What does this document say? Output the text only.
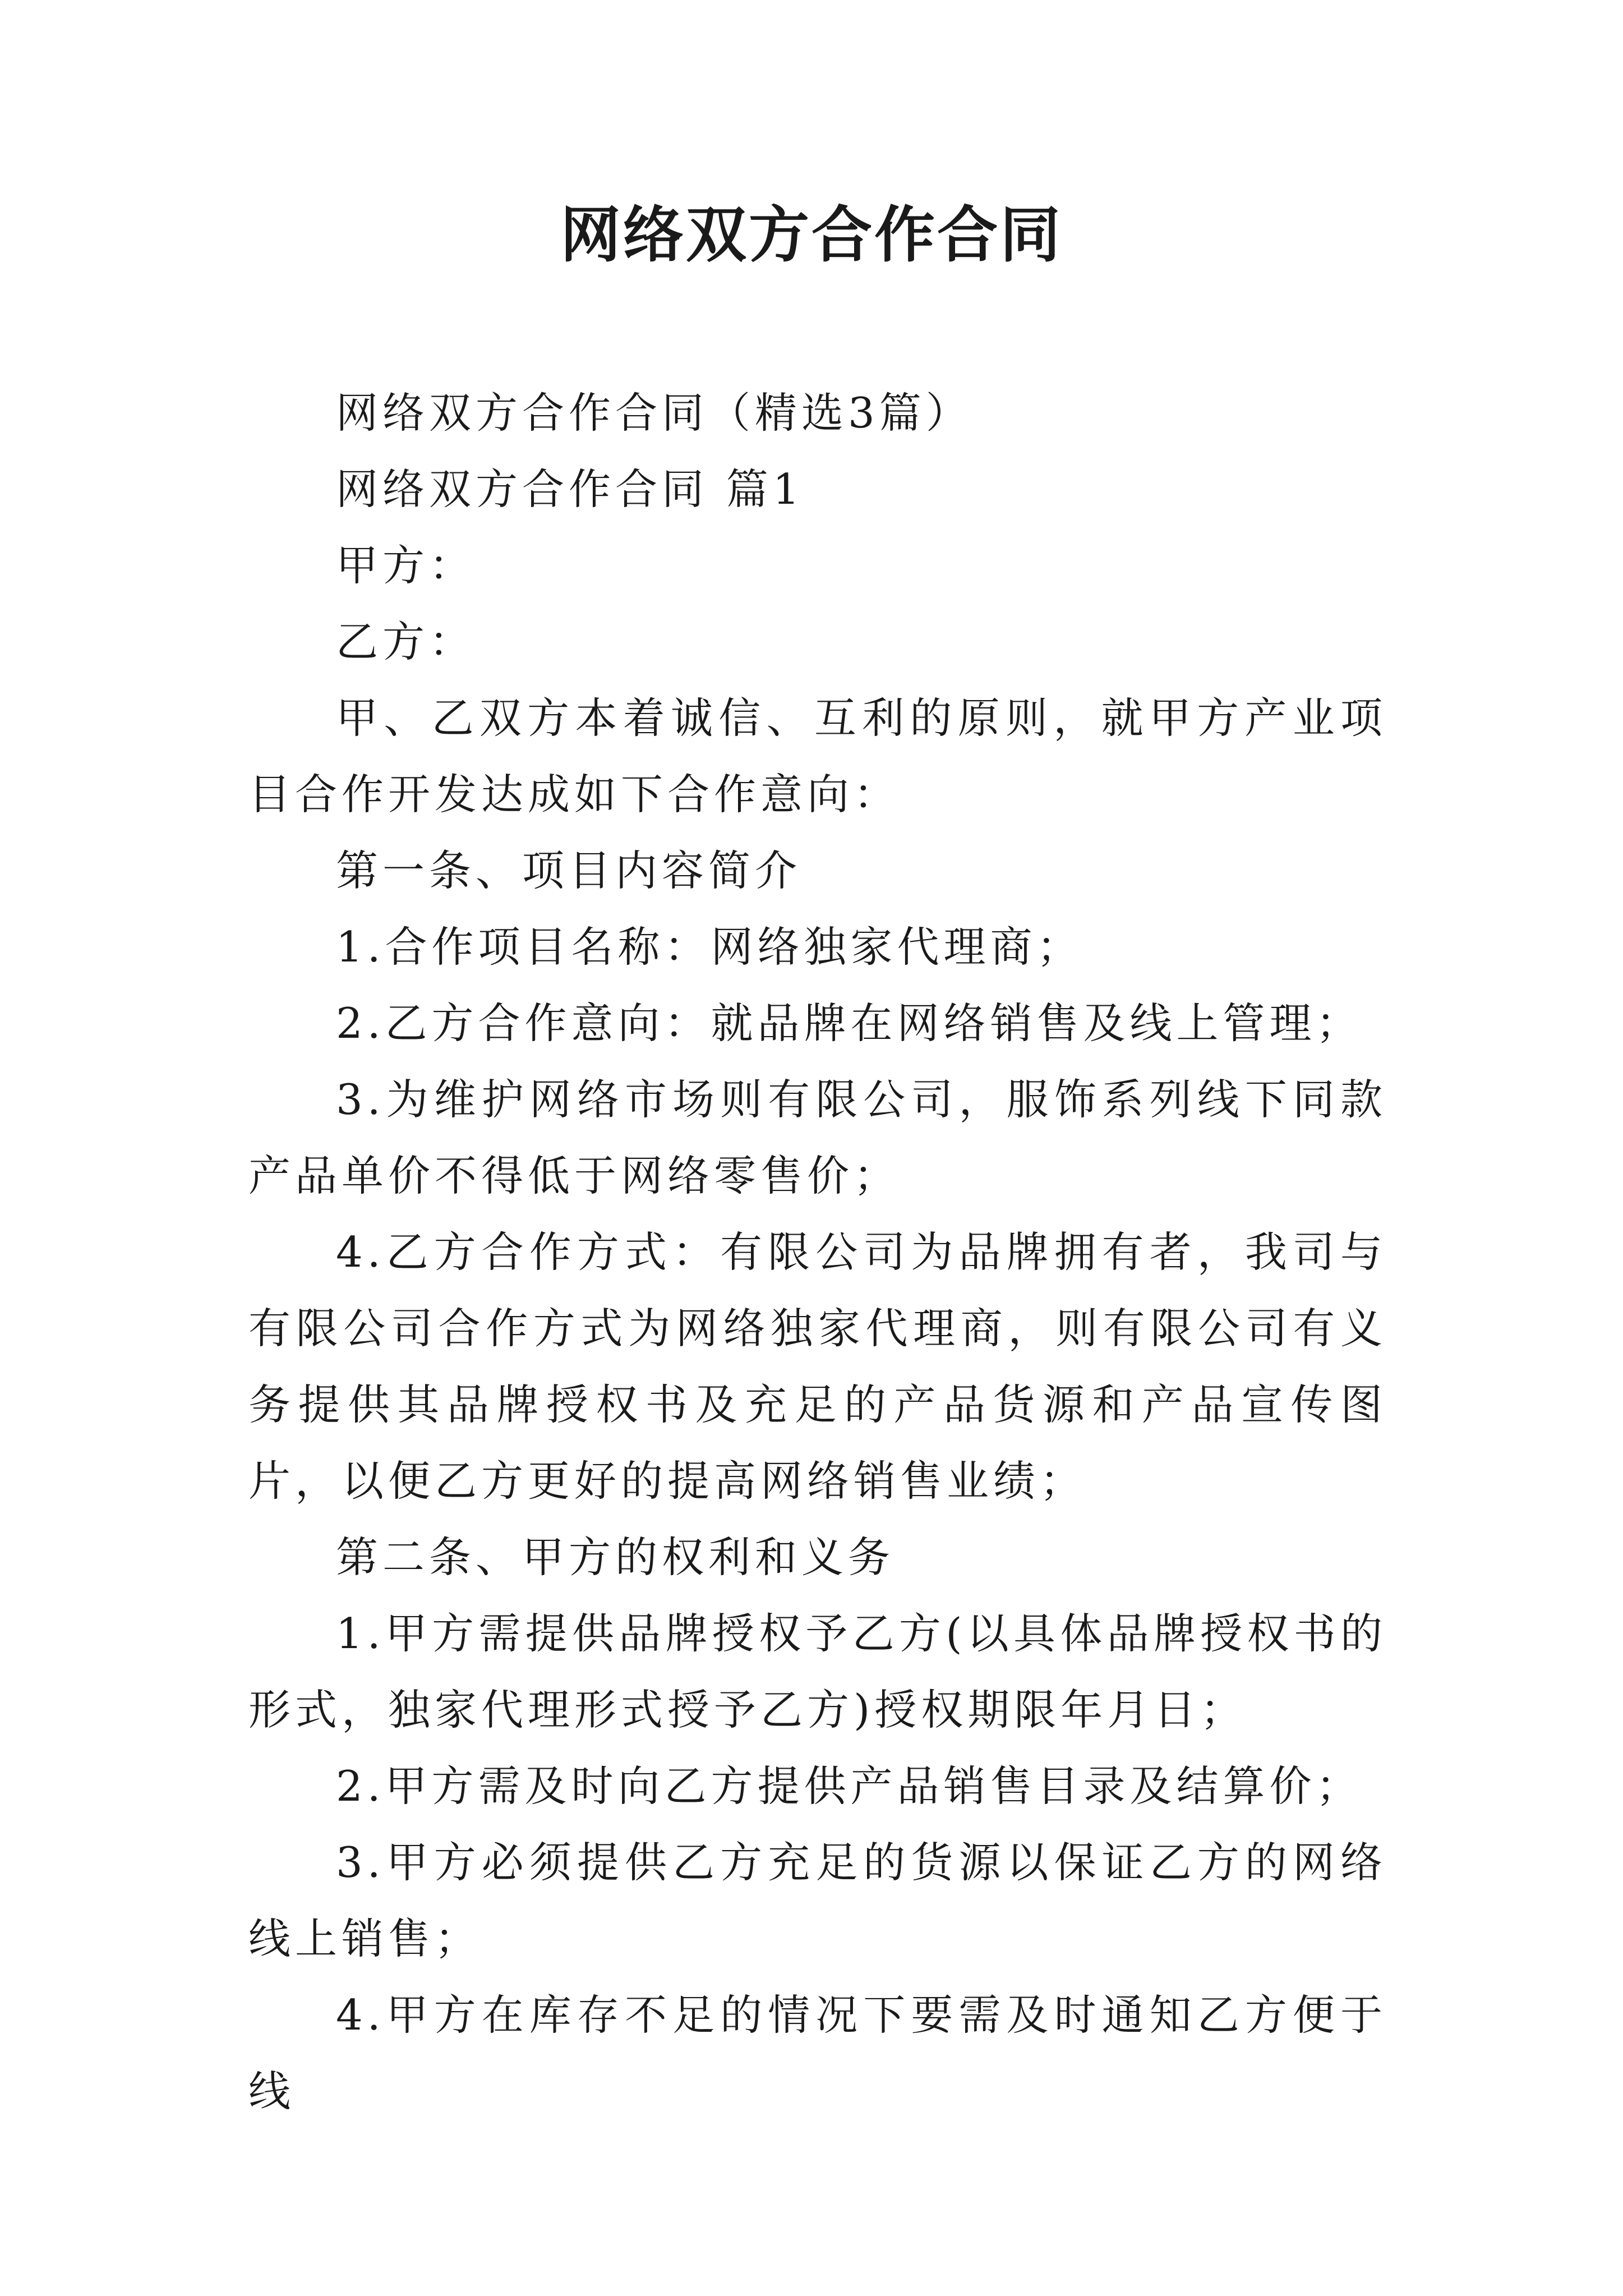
网络双方合作合同

网络双方合作合同（精选3篇）

网络双方合作合同 篇1

甲方：

乙方：

甲、乙双方本着诚信、互利的原则，就甲方产业项目合作开发达成如下合作意向：

第一条、项目内容简介

1.合作项目名称：网络独家代理商；

2.乙方合作意向：就品牌在网络销售及线上管理；

3.为维护网络市场则有限公司，服饰系列线下同款产品单价不得低于网络零售价；

4.乙方合作方式：有限公司为品牌拥有者，我司与有限公司合作方式为网络独家代理商，则有限公司有义务提供其品牌授权书及充足的产品货源和产品宣传图片，以便乙方更好的提高网络销售业绩；

第二条、甲方的权利和义务

1.甲方需提供品牌授权予乙方(以具体品牌授权书的形式，独家代理形式授予乙方)授权期限年月日；

2.甲方需及时向乙方提供产品销售目录及结算价；

3.甲方必须提供乙方充足的货源以保证乙方的网络线上销售；

4.甲方在库存不足的情况下要需及时通知乙方便于线
